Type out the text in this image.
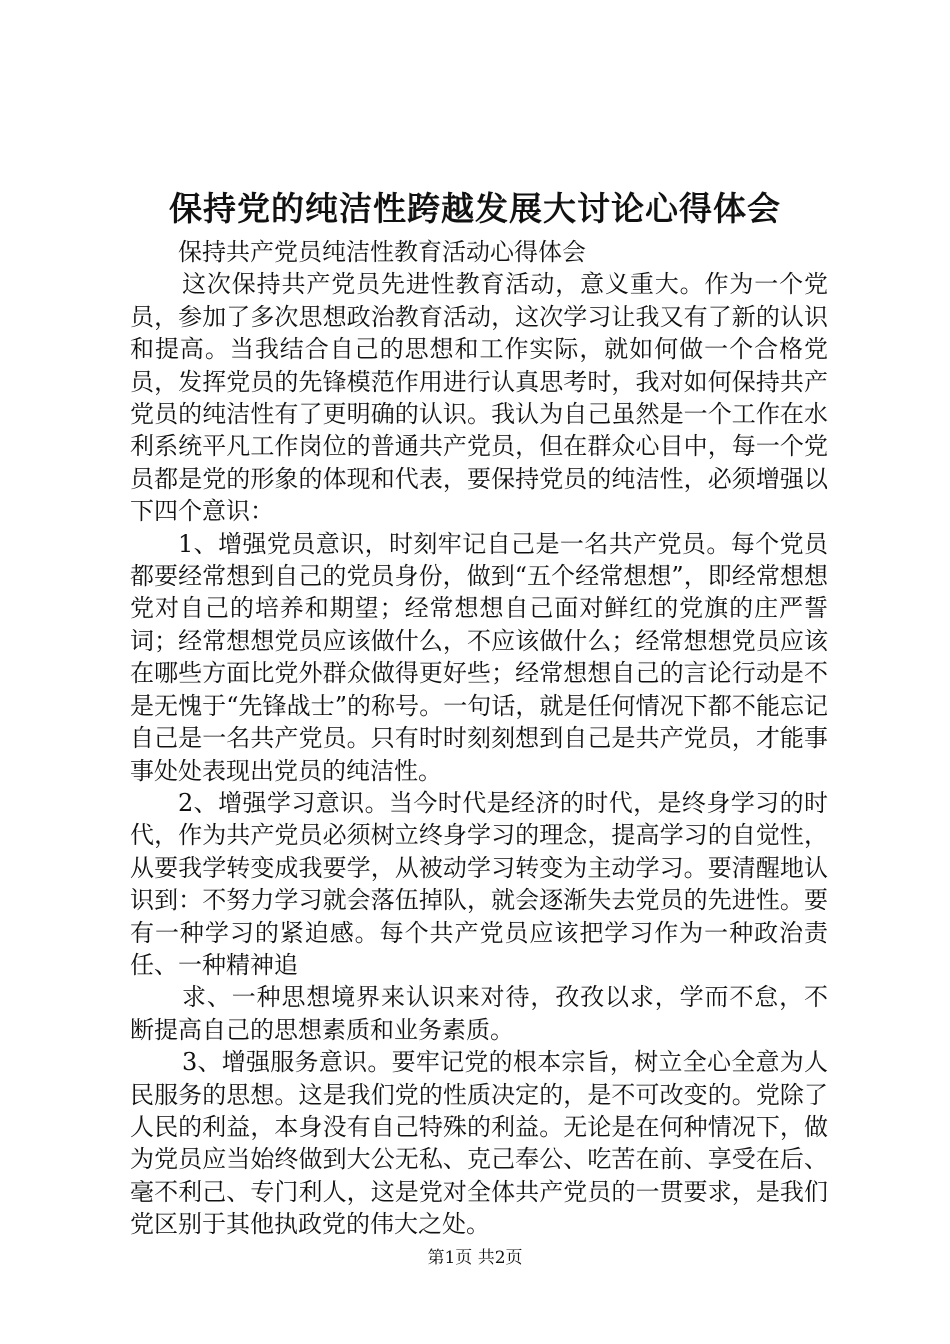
保持党的纯洁性跨越发展大讨论心得体会

保持共产党员纯洁性教育活动心得体会

这次保持共产党员先进性教育活动，意义重大。作为一个党员，参加了多次思想政治教育活动，这次学习让我又有了新的认识和提高。当我结合自己的思想和工作实际，就如何做一个合格党员，发挥党员的先锋模范作用进行认真思考时，我对如何保持共产党员的纯洁性有了更明确的认识。我认为自己虽然是一个工作在水利系统平凡工作岗位的普通共产党员，但在群众心目中，每一个党员都是党的形象的体现和代表，要保持党员的纯洁性，必须增强以下四个意识：

1、增强党员意识，时刻牢记自己是一名共产党员。每个党员都要经常想到自己的党员身份，做到“五个经常想想”，即经常想想党对自己的培养和期望；经常想想自己面对鲜红的党旗的庄严誓词；经常想想党员应该做什么，不应该做什么；经常想想党员应该在哪些方面比党外群众做得更好些；经常想想自己的言论行动是不是无愧于“先锋战士”的称号。一句话，就是任何情况下都不能忘记自己是一名共产党员。只有时时刻刻想到自己是共产党员，才能事事处处表现出党员的纯洁性。

2、增强学习意识。当今时代是经济的时代，是终身学习的时代，作为共产党员必须树立终身学习的理念，提高学习的自觉性，从要我学转变成我要学，从被动学习转变为主动学习。要清醒地认识到：不努力学习就会落伍掉队，就会逐渐失去党员的先进性。要有一种学习的紧迫感。每个共产党员应该把学习作为一种政治责任、一种精神追

求、一种思想境界来认识来对待，孜孜以求，学而不怠，不断提高自己的思想素质和业务素质。

3、增强服务意识。要牢记党的根本宗旨，树立全心全意为人民服务的思想。这是我们党的性质决定的，是不可改变的。党除了人民的利益，本身没有自己特殊的利益。无论是在何种情况下，做为党员应当始终做到大公无私、克己奉公、吃苦在前、享受在后、毫不利己、专门利人，这是党对全体共产党员的一贯要求，是我们党区别于其他执政党的伟大之处。

第1页 共2页
